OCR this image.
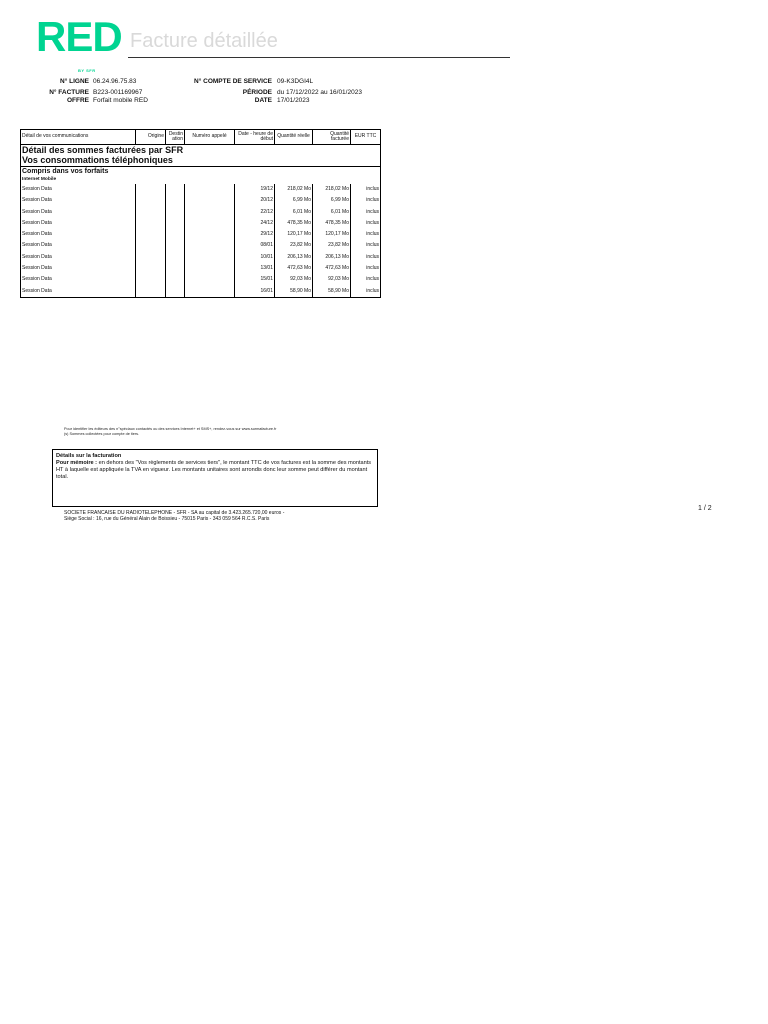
RED
BY SFR
Facture détaillée
N° LIGNE 06.24.96.75.83
N° FACTURE B223-001169967
OFFRE Forfait mobile RED
N° COMPTE DE SERVICE 09-K3DGI4L
PÉRIODE du 17/12/2022 au 16/01/2023
DATE 17/01/2023
Détail de vos communications	Origine	Destin ation	Numéro appelé	Date - heure de début	Quantité réelle	Quantité facturée	EUR TTC

Détail des sommes facturées par SFR
Vos consommations téléphoniques							

Compris dans vos forfaits
Internet Mobile							

Session Data				19/12	218,02 Mo	218,02 Mo	inclus
Session Data				20/12	6,99 Mo	6,99 Mo	inclus
Session Data				22/12	6,01 Mo	6,01 Mo	inclus
Session Data				24/12	478,35 Mo	478,35 Mo	inclus
Session Data				29/12	120,17 Mo	120,17 Mo	inclus
Session Data				08/01	23,82 Mo	23,82 Mo	inclus
Session Data				10/01	206,13 Mo	206,13 Mo	inclus
Session Data				13/01	472,63 Mo	472,63 Mo	inclus
Session Data				15/01	92,03 Mo	92,03 Mo	inclus
Session Data				16/01	58,90 Mo	58,90 Mo	inclus
Pour identifier les éditeurs des n°spéciaux contactés ou des services Internet+ et SMS+, rendez-vous sur www.surmafacture.fr
(s) Sommes collectées pour compte de tiers.
Détails sur la facturation
Pour mémoire : en dehors des "Vos règlements de services tiers", le montant TTC de vos factures est la somme des montants HT à laquelle est appliquée la TVA en vigueur. Les montants unitaires sont arrondis donc leur somme peut différer du montant total.
SOCIETE FRANCAISE DU RADIOTELEPHONE - SFR - SA au capital de 3.423.265.720,00 euros -
Siège Social : 16, rue du Général Alain de Boissieu - 75015 Paris - 343 059 564 R.C.S. Paris
1 / 2
